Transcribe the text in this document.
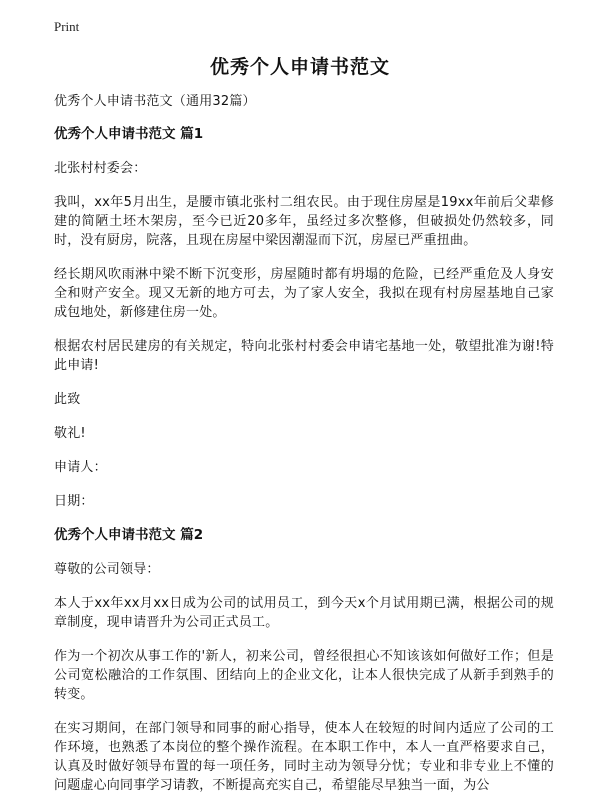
Print
优秀个人申请书范文

优秀个人申请书范文（通用32篇）

优秀个人申请书范文 篇1

北张村村委会：

我叫，xx年5月出生，是腰市镇北张村二组农民。由于现住房屋是19xx年前后父辈修建的简陋土坯木架房，至今已近20多年，虽经过多次整修，但破损处仍然较多，同时，没有厨房，院落，且现在房屋中梁因潮湿而下沉，房屋已严重扭曲。

经长期风吹雨淋中梁不断下沉变形，房屋随时都有坍塌的危险，已经严重危及人身安全和财产安全。现又无新的地方可去，为了家人安全，我拟在现有村房屋基地自己家成包地处，新修建住房一处。

根据农村居民建房的有关规定，特向北张村村委会申请宅基地一处，敬望批准为谢!特此申请!

此致

敬礼!

申请人：

日期：

优秀个人申请书范文 篇2

尊敬的公司领导：

本人于xx年xx月xx日成为公司的试用员工，到今天x个月试用期已满，根据公司的规章制度，现申请晋升为公司正式员工。

作为一个初次从事工作的'新人，初来公司，曾经很担心不知该该如何做好工作；但是公司宽松融洽的工作氛围、团结向上的企业文化，让本人很快完成了从新手到熟手的转变。

在实习期间，在部门领导和同事的耐心指导，使本人在较短的时间内适应了公司的工作环境，也熟悉了本岗位的整个操作流程。在本职工作中，本人一直严格要求自己，认真及时做好领导布置的每一项任务，同时主动为领导分忧；专业和非专业上不懂的问题虚心向同事学习请教，不断提高充实自己，希望能尽早独当一面，为公
